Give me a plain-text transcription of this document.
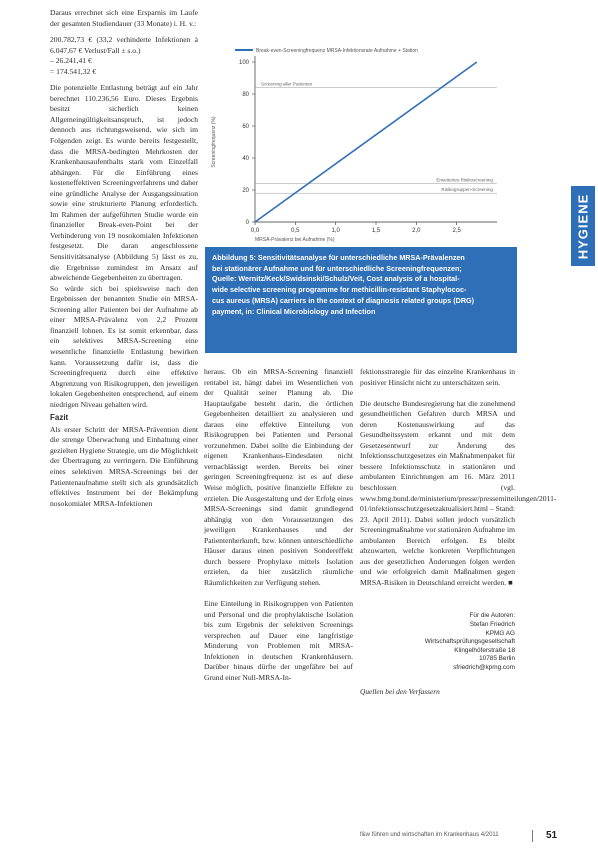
Daraus errechnet sich eine Ersparnis im Laufe der gesamten Studiendauer (33 Monate) i. H. v.:

200.782,73 € (33,2 verhinderte Infektionen à 6.047,67 € Verlust/Fall ± s.o.)

– 26.241,41 €

= 174.541,32 €

Die potenzielle Entlastung beträgt auf ein Jahr berechnet 110.236,56 Euro. Dieses Ergebnis besitzt sicherlich keinen Allgemeingültigkeitsanspruch, ist jedoch dennoch aus richtungsweisend, wie sich im Folgenden zeigt. Es wurde bereits festgestellt, dass die MRSA-bedingten Mehrkosten der Krankenhausaufenthalts stark vom Einzelfall abhängen. Für die Einführung eines kosteneffektiven Screeningverfahrens und daher eine gründliche Analyse der Ausgangssituation sowie eine strukturierte Planung erforderlich. Im Rahmen der aufgeführten Studie wurde ein finanzieller Break-even-Point bei der Verhinderung von 19 nosokomialen Infektionen festgesetzt. Die daran angeschlossene Sensitivitätsanalyse (Abbildung 5) lässt es zu, die Ergebnisse zumindest im Ansatz auf abweichende Gegebenheiten zu übertragen.

So würde sich bei spielsweise nach den Ergebnissen der benannten Studie ein MRSA-Screening aller Patienten bei der Aufnahme ab einer MRSA-Prävalenz von 2,2 Prozent finanziell lohnen. Es ist somit erkennbar, dass ein selektives MRSA-Screening eine wesentliche finanzielle Entlastung bewirken kann. Voraussetzung dafür ist, dass die Screeningfrequenz durch eine effektive Abgrenzung von Risikogruppen, den jeweiligen lokalen Gegebenheiten entsprechend, auf einem niedrigen Niveau gehalten wird.

Fazit

Als erster Schritt der MRSA-Prävention dient die strenge Überwachung und Einhaltung einer gezielten Hygiene Strategie, um die Möglichkeit der Übertragung zu verringern. Die Einführung eines selektiven MRSA-Screenings bei der Patientenaufnahme stellt sich als grundsätzlich effektives Instrument bei der Bekämpfung nosokomialer MRSA-Infektionen

Break-even-Screeningfrequenz MRSA-Infektionsrate Aufnahme + Station
0
20
40
60
80
100
0,0	0,5	1,0	1,5	2,0	2,5
Screeningfrequenz (%)
MRSA-Prävalenz bei Aufnahme (%)
Screening aller Patienten
Erweitertes Risikoscreening
Risikogruppen-Screening
Abbildung 5: Sensitivitätsanalyse für unterschiedliche MRSA-Prävalenzen
bei stationärer Aufnahme und für unterschiedliche Screeningfrequenzen;
Quelle: Wernitz/Keck/Swidsinski/Schulz/Veit, Cost analysis of a hospital-
wide selective screening programme for methicillin-resistant Staphylococ-
cus aureus (MRSA) carriers in the context of diagnosis related groups (DRG)
payment, in: Clinical Microbiology and Infection

heraus. Ob ein MRSA-Screening finanziell rentabel ist, hängt dabei im Wesentlichen von der Qualität seiner Planung ab. Die Hauptaufgabe besteht darin, die örtlichen Gegebenheiten detailliert zu analysieren und daraus eine effektive Einteilung von Risikogruppen bei Patienten und Personal vorzunehmen. Dabei sollte die Einbindung der eigenen Krankenhaus-Eindesdaten nicht vernachlässigt werden. Bereits bei einer geringen Screeningfrequenz ist es auf diese Weise möglich, positive finanzielle Effekte zu erzielen. Die Ausgestaltung und der Erfolg eines MRSA-Screenings sind damit grundlegend abhängig von den Voraussetzungen des jeweiligen Krankenhauses und der Patientenherkunft, bzw. können unterschiedliche Häuser daraus einen positiven Sondereffekt durch bessere Prophylaxe mittels Isolation erzielen, da hier zusätzlich räumliche Räumlichkeiten zur Verfügung stehen.

Eine Einteilung in Risikogruppen von Patienten und Personal und die prophylaktische Isolation bis zum Ergebnis der selektiven Screenings versprechen auf Dauer eine langfristige Minderung von Problemen mit MRSA-Infektionen in deutschen Krankenhäusern. Darüber hinaus dürfte der ungefähre bei auf Grund einer Null-MRSA-In-

fektionsstrategie für das einzelne Krankenhaus in positiver Hinsicht nicht zu unterschätzen sein.

Die deutsche Bundesregierung hat die zunehmend gesundheitlichen Gefahren durch MRSA und deren Kostenauswirkung auf das Gesundheitssystem erkannt und mit dem Gesetzesentwurf zur Änderung des Infektionsschutzgesetzes ein Maßnahmenpaket für bessere Infektionsschutz in stationären und ambulanten Einrichtungen am 16. März 2011 beschlossen (vgl. www.bmg.bund.de/ministerium/presse/pressemitteilungen/2011-01/infektionsschutzgesetzaktualisiert.html – Stand: 23. April 2011). Dabei sollen jedoch vorsätzlich Screeningmaßnahme vor stationären Aufnahme im ambulanten Bereich erfolgen. Es bleibt abzuwarten, welche konkreten Verpflichtungen aus der gesetzlichen Änderungen folgen werden und wie erfolgreich damit Maßnahmen gegen MRSA-Risiken in Deutschland erreicht werden. ■

Für die Autoren:
Stefan Friedrich
KPMG AG
Wirtschaftsprüfungsgesellschaft
Klingelhöferstraße 18
10785 Berlin
sfriedrich@kpmg.com
Quellen bei den Verfassern
HYGIENE
f&w führen und wirtschaften im Krankenhaus 4/2011	51
